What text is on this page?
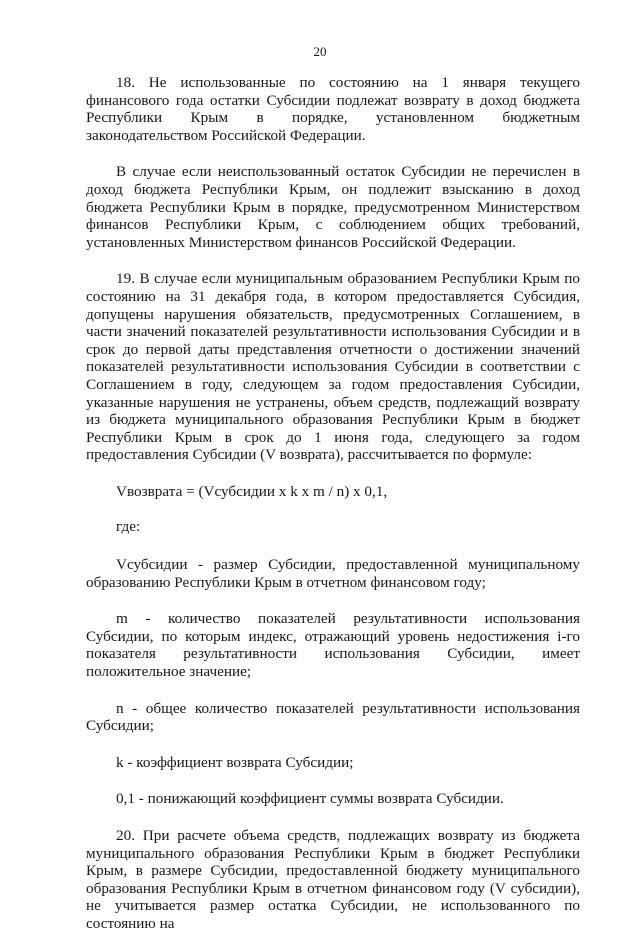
20

18. Не использованные по состоянию на 1 января текущего финансового года остатки Субсидии подлежат возврату в доход бюджета Республики Крым в порядке, установленном бюджетным законодательством Российской Федерации.

В случае если неиспользованный остаток Субсидии не перечислен в доход бюджета Республики Крым, он подлежит взысканию в доход бюджета Республики Крым в порядке, предусмотренном Министерством финансов Республики Крым, с соблюдением общих требований, установленных Министерством финансов Российской Федерации.

19. В случае если муниципальным образованием Республики Крым по состоянию на 31 декабря года, в котором предоставляется Субсидия, допущены нарушения обязательств, предусмотренных Соглашением, в части значений показателей результативности использования Субсидии и в срок до первой даты представления отчетности о достижении значений показателей результативности использования Субсидии в соответствии с Соглашением в году, следующем за годом предоставления Субсидии, указанные нарушения не устранены, объем средств, подлежащий возврату из бюджета муниципального образования Республики Крым в бюджет Республики Крым в срок до 1 июня года, следующего за годом предоставления Субсидии (V возврата), рассчитывается по формуле:

Vвозврата = (Vсубсидии х k х m / n) х 0,1,

где:

Vсубсидии - размер Субсидии, предоставленной муниципальному образованию Республики Крым в отчетном финансовом году;

m - количество показателей результативности использования Субсидии, по которым индекс, отражающий уровень недостижения i-го показателя результативности использования Субсидии, имеет положительное значение;

n - общее количество показателей результативности использования Субсидии;

k - коэффициент возврата Субсидии;

0,1 - понижающий коэффициент суммы возврата Субсидии.

20. При расчете объема средств, подлежащих возврату из бюджета муниципального образования Республики Крым в бюджет Республики Крым, в размере Субсидии, предоставленной бюджету муниципального образования Республики Крым в отчетном финансовом году (V субсидии), не учитывается размер остатка Субсидии, не использованного по состоянию на
